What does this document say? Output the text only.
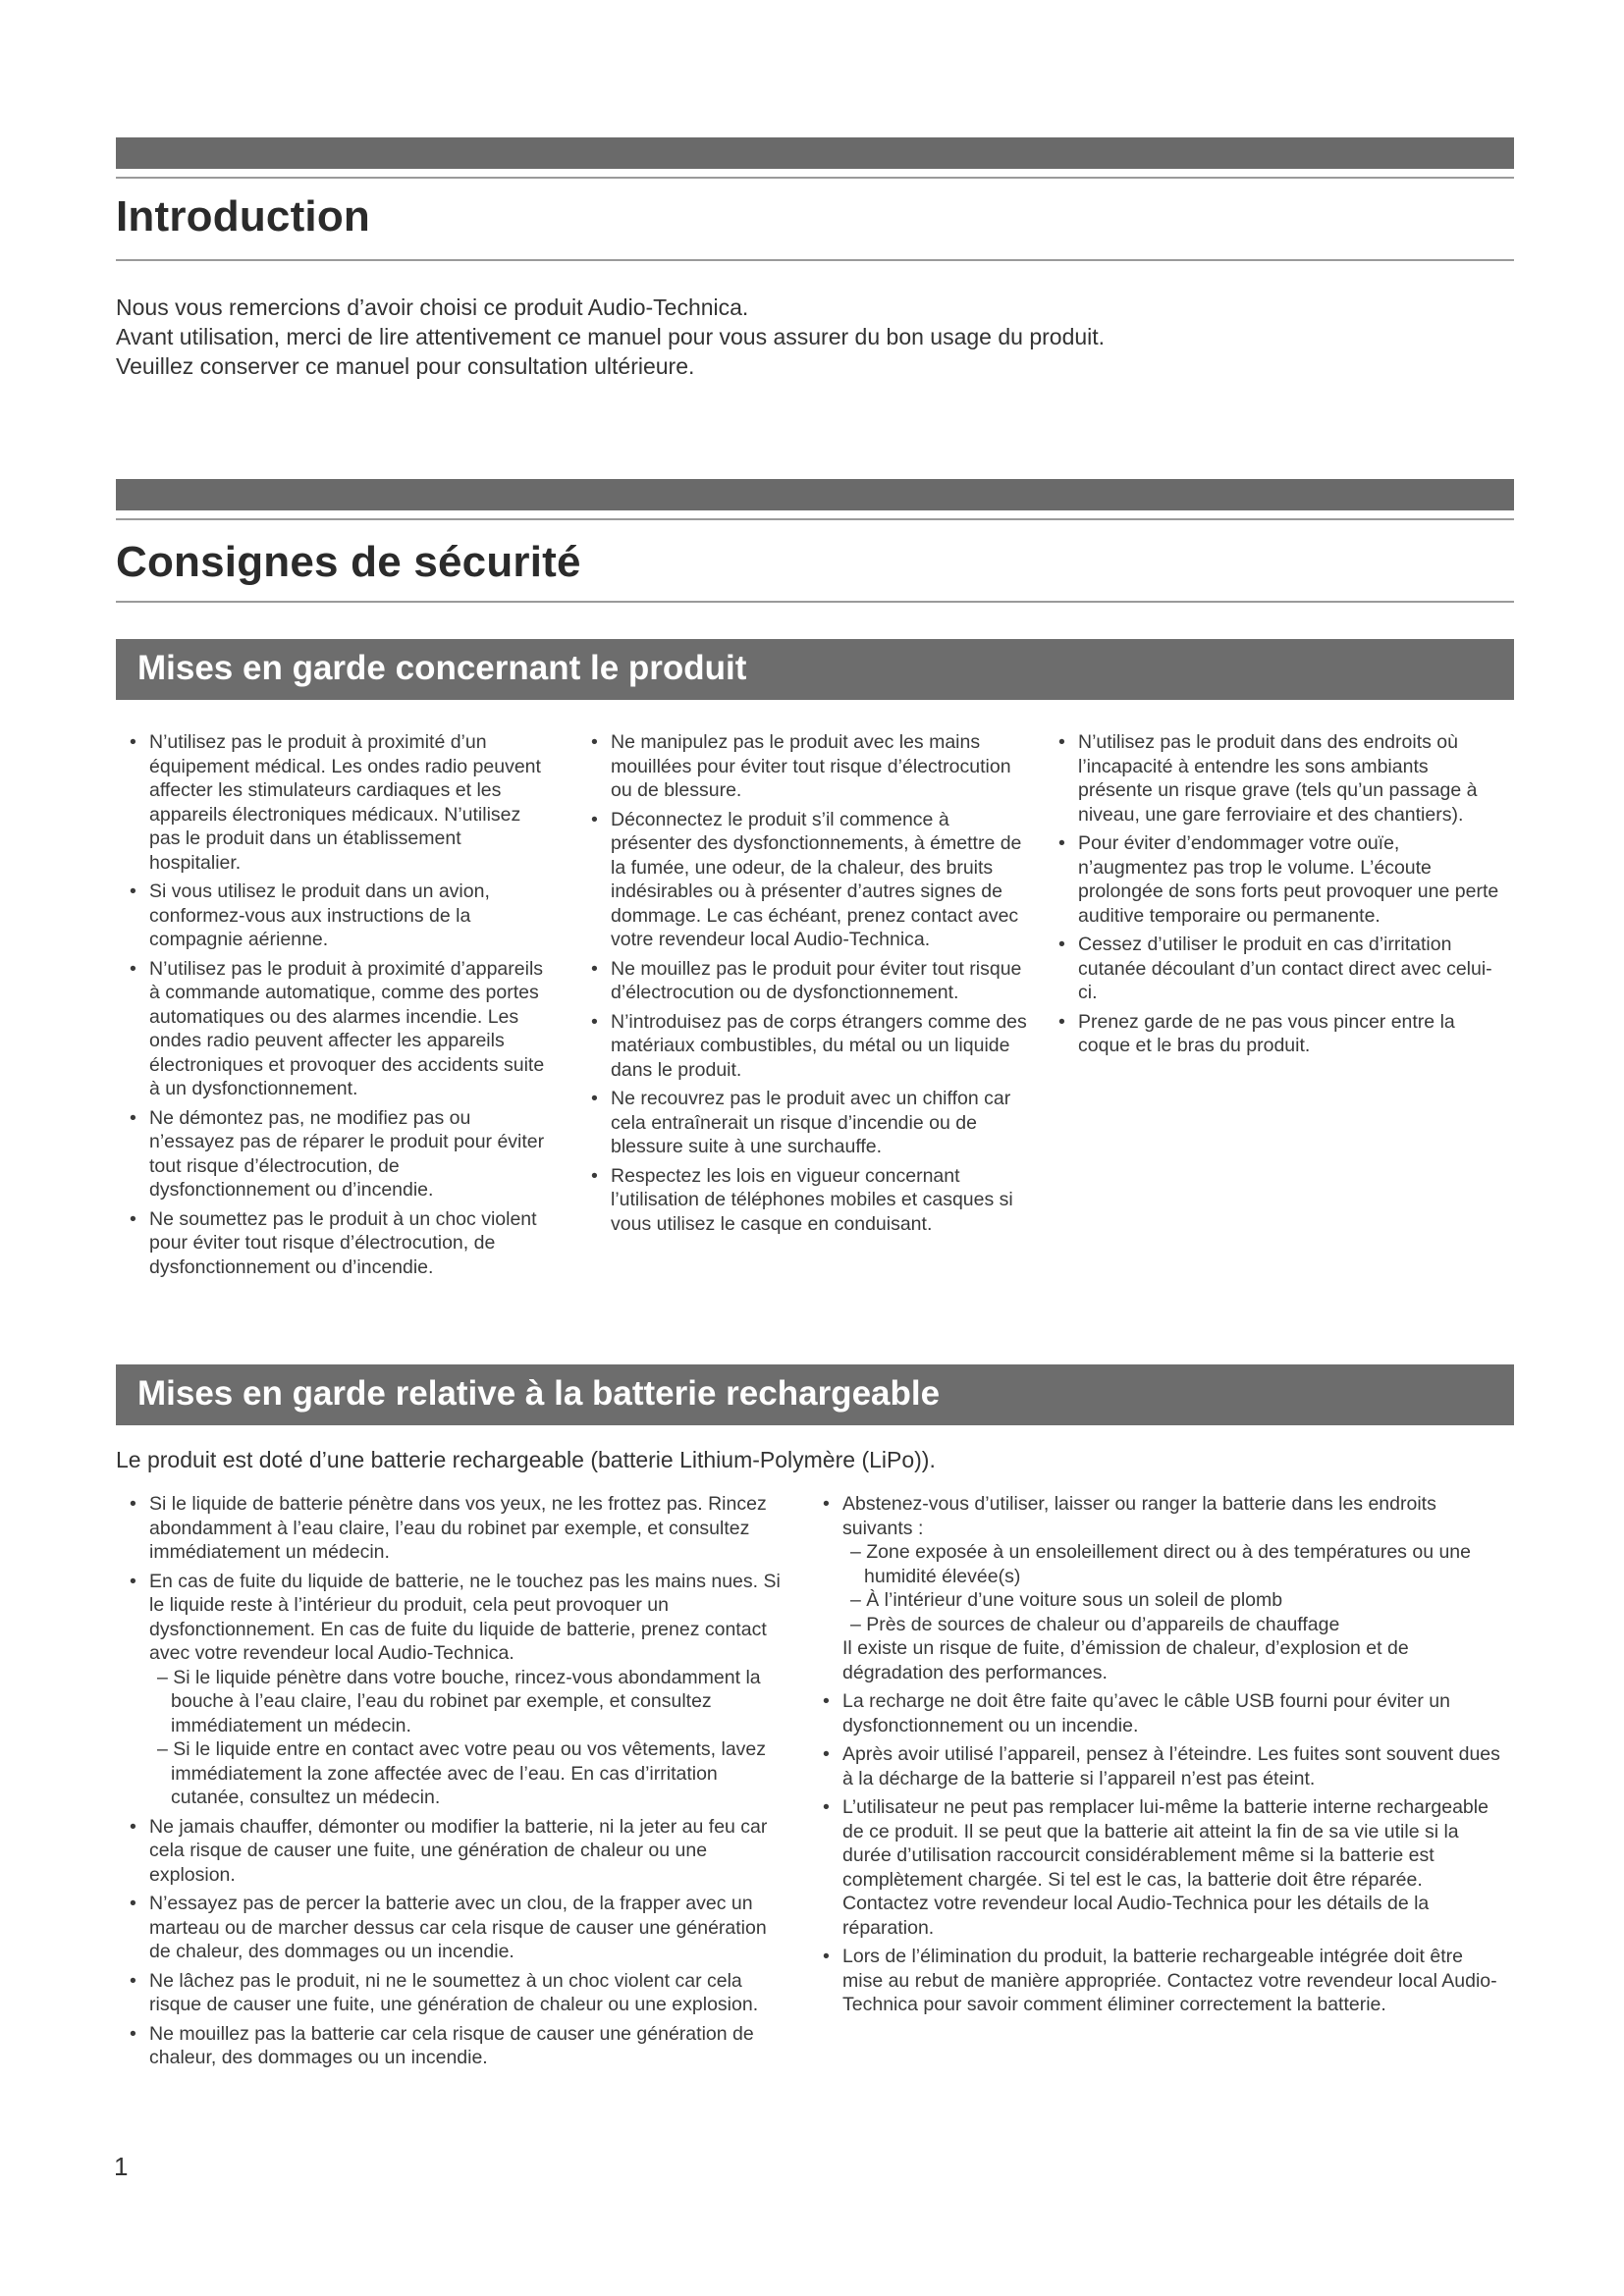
Introduction

Nous vous remercions d’avoir choisi ce produit Audio-Technica.

Avant utilisation, merci de lire attentivement ce manuel pour vous assurer du bon usage du produit.

Veuillez conserver ce manuel pour consultation ultérieure.

Consignes de sécurité
Mises en garde concernant le produit

• N’utilisez pas le produit à proximité d’un équipement médical. Les ondes radio peuvent affecter les stimulateurs cardiaques et les appareils électroniques médicaux. N’utilisez pas le produit dans un établissement hospitalier.

• Si vous utilisez le produit dans un avion, conformez-vous aux instructions de la compagnie aérienne.

• N’utilisez pas le produit à proximité d’appareils à commande automatique, comme des portes automatiques ou des alarmes incendie. Les ondes radio peuvent affecter les appareils électroniques et provoquer des accidents suite à un dysfonctionnement.

• Ne démontez pas, ne modifiez pas ou n’essayez pas de réparer le produit pour éviter tout risque d’électrocution, de dysfonctionnement ou d’incendie.

• Ne soumettez pas le produit à un choc violent pour éviter tout risque d’électrocution, de dysfonctionnement ou d’incendie.

• Ne manipulez pas le produit avec les mains mouillées pour éviter tout risque d’électrocution ou de blessure.

• Déconnectez le produit s’il commence à présenter des dysfonctionnements, à émettre de la fumée, une odeur, de la chaleur, des bruits indésirables ou à présenter d’autres signes de dommage. Le cas échéant, prenez contact avec votre revendeur local Audio-Technica.

• Ne mouillez pas le produit pour éviter tout risque d’électrocution ou de dysfonctionnement.

• N’introduisez pas de corps étrangers comme des matériaux combustibles, du métal ou un liquide dans le produit.

• Ne recouvrez pas le produit avec un chiffon car cela entraînerait un risque d’incendie ou de blessure suite à une surchauffe.

• Respectez les lois en vigueur concernant l’utilisation de téléphones mobiles et casques si vous utilisez le casque en conduisant.

• N’utilisez pas le produit dans des endroits où l’incapacité à entendre les sons ambiants présente un risque grave (tels qu’un passage à niveau, une gare ferroviaire et des chantiers).

• Pour éviter d’endommager votre ouïe, n’augmentez pas trop le volume. L’écoute prolongée de sons forts peut provoquer une perte auditive temporaire ou permanente.

• Cessez d’utiliser le produit en cas d’irritation cutanée découlant d’un contact direct avec celui-ci.

• Prenez garde de ne pas vous pincer entre la coque et le bras du produit.

Mises en garde relative à la batterie rechargeable
Le produit est doté d’une batterie rechargeable (batterie Lithium-Polymère (LiPo)).

• Si le liquide de batterie pénètre dans vos yeux, ne les frottez pas. Rincez abondamment à l’eau claire, l’eau du robinet par exemple, et consultez immédiatement un médecin.

• En cas de fuite du liquide de batterie, ne le touchez pas les mains nues. Si le liquide reste à l’intérieur du produit, cela peut provoquer un dysfonctionnement. En cas de fuite du liquide de batterie, prenez contact avec votre revendeur local Audio-Technica.

– Si le liquide pénètre dans votre bouche, rincez-vous abondamment la bouche à l’eau claire, l’eau du robinet par exemple, et consultez immédiatement un médecin.

– Si le liquide entre en contact avec votre peau ou vos vêtements, lavez immédiatement la zone affectée avec de l’eau. En cas d’irritation cutanée, consultez un médecin.

• Ne jamais chauffer, démonter ou modifier la batterie, ni la jeter au feu car cela risque de causer une fuite, une génération de chaleur ou une explosion.

• N’essayez pas de percer la batterie avec un clou, de la frapper avec un marteau ou de marcher dessus car cela risque de causer une génération de chaleur, des dommages ou un incendie.

• Ne lâchez pas le produit, ni ne le soumettez à un choc violent car cela risque de causer une fuite, une génération de chaleur ou une explosion.

• Ne mouillez pas la batterie car cela risque de causer une génération de chaleur, des dommages ou un incendie.

• Abstenez-vous d’utiliser, laisser ou ranger la batterie dans les endroits suivants :

– Zone exposée à un ensoleillement direct ou à des températures ou une humidité élevée(s)

– À l’intérieur d’une voiture sous un soleil de plomb

– Près de sources de chaleur ou d’appareils de chauffage

Il existe un risque de fuite, d’émission de chaleur, d’explosion et de dégradation des performances.

• La recharge ne doit être faite qu’avec le câble USB fourni pour éviter un dysfonctionnement ou un incendie.

• Après avoir utilisé l’appareil, pensez à l’éteindre. Les fuites sont souvent dues à la décharge de la batterie si l’appareil n’est pas éteint.

• L’utilisateur ne peut pas remplacer lui-même la batterie interne rechargeable de ce produit. Il se peut que la batterie ait atteint la fin de sa vie utile si la durée d’utilisation raccourcit considérablement même si la batterie est complètement chargée. Si tel est le cas, la batterie doit être réparée. Contactez votre revendeur local Audio-Technica pour les détails de la réparation.

• Lors de l’élimination du produit, la batterie rechargeable intégrée doit être mise au rebut de manière appropriée. Contactez votre revendeur local Audio-Technica pour savoir comment éliminer correctement la batterie.

1
